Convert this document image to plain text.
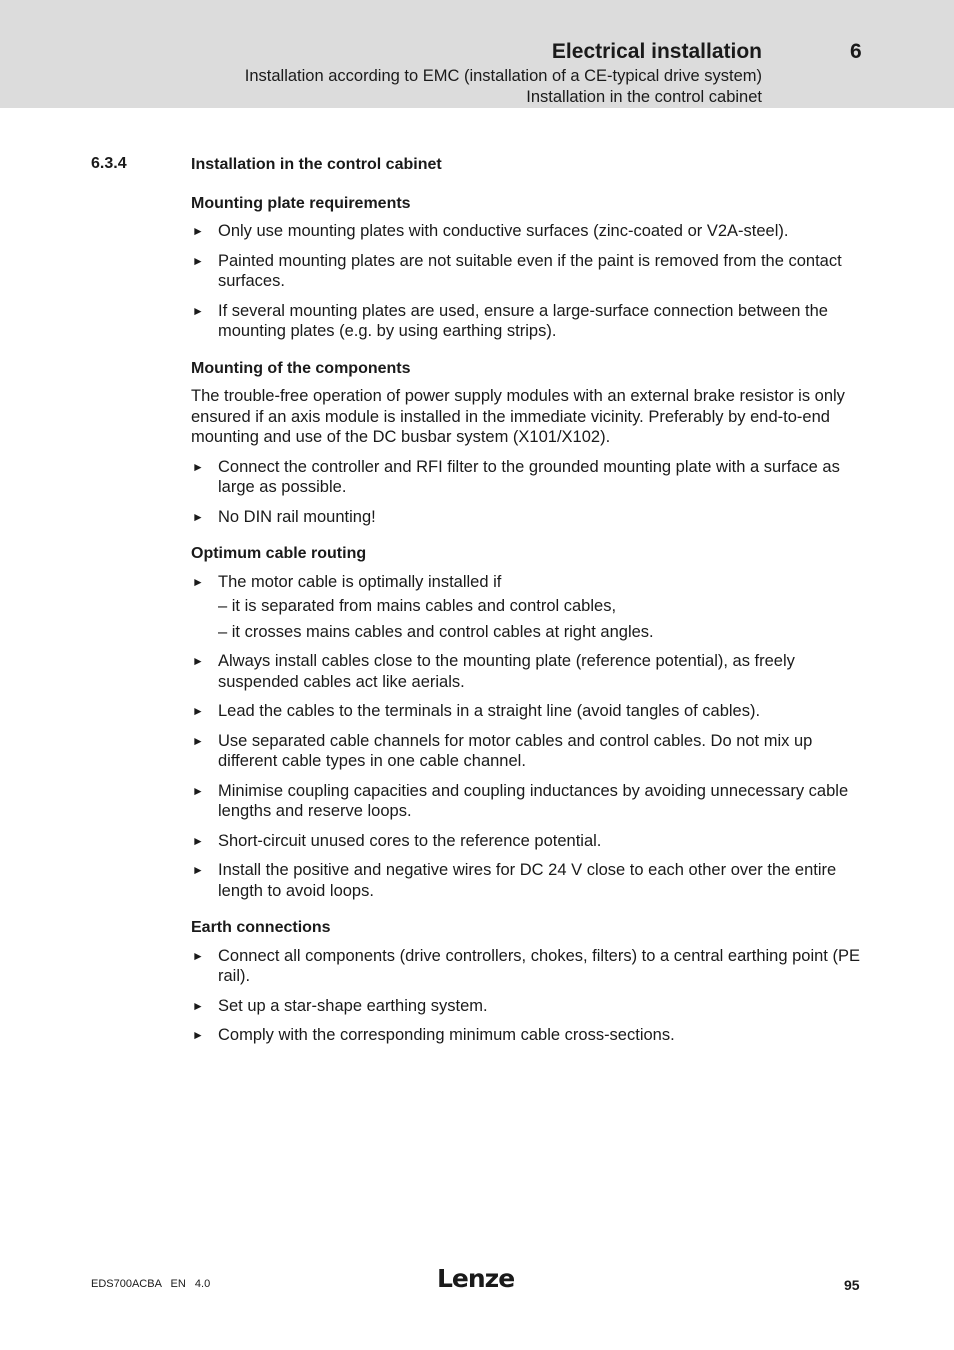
Electrical installation	6
Installation according to EMC (installation of a CE-typical drive system)
Installation in the control cabinet
6.3.4	Installation in the control cabinet
Mounting plate requirements
► Only use mounting plates with conductive surfaces (zinc-coated or V2A-steel).
► Painted mounting plates are not suitable even if the paint is removed from the contact surfaces.
► If several mounting plates are used, ensure a large-surface connection between the mounting plates (e.g. by using earthing strips).
Mounting of the components
The trouble-free operation of power supply modules with an external brake resistor is only ensured if an axis module is installed in the immediate vicinity. Preferably by end-to-end mounting and use of the DC busbar system (X101/X102).
► Connect the controller and RFI filter to the grounded mounting plate with a surface as large as possible.
► No DIN rail mounting!
Optimum cable routing
► The motor cable is optimally installed if
– it is separated from mains cables and control cables,
– it crosses mains cables and control cables at right angles.
► Always install cables close to the mounting plate (reference potential), as freely suspended cables act like aerials.
► Lead the cables to the terminals in a straight line (avoid tangles of cables).
► Use separated cable channels for motor cables and control cables. Do not mix up different cable types in one cable channel.
► Minimise coupling capacities and coupling inductances by avoiding unnecessary cable lengths and reserve loops.
► Short-circuit unused cores to the reference potential.
► Install the positive and negative wires for DC 24 V close to each other over the entire length to avoid loops.
Earth connections
► Connect all components (drive controllers, chokes, filters) to a central earthing point (PE rail).
► Set up a star-shape earthing system.
► Comply with the corresponding minimum cable cross-sections.
EDS700ACBA   EN   4.0	Lenze	95
